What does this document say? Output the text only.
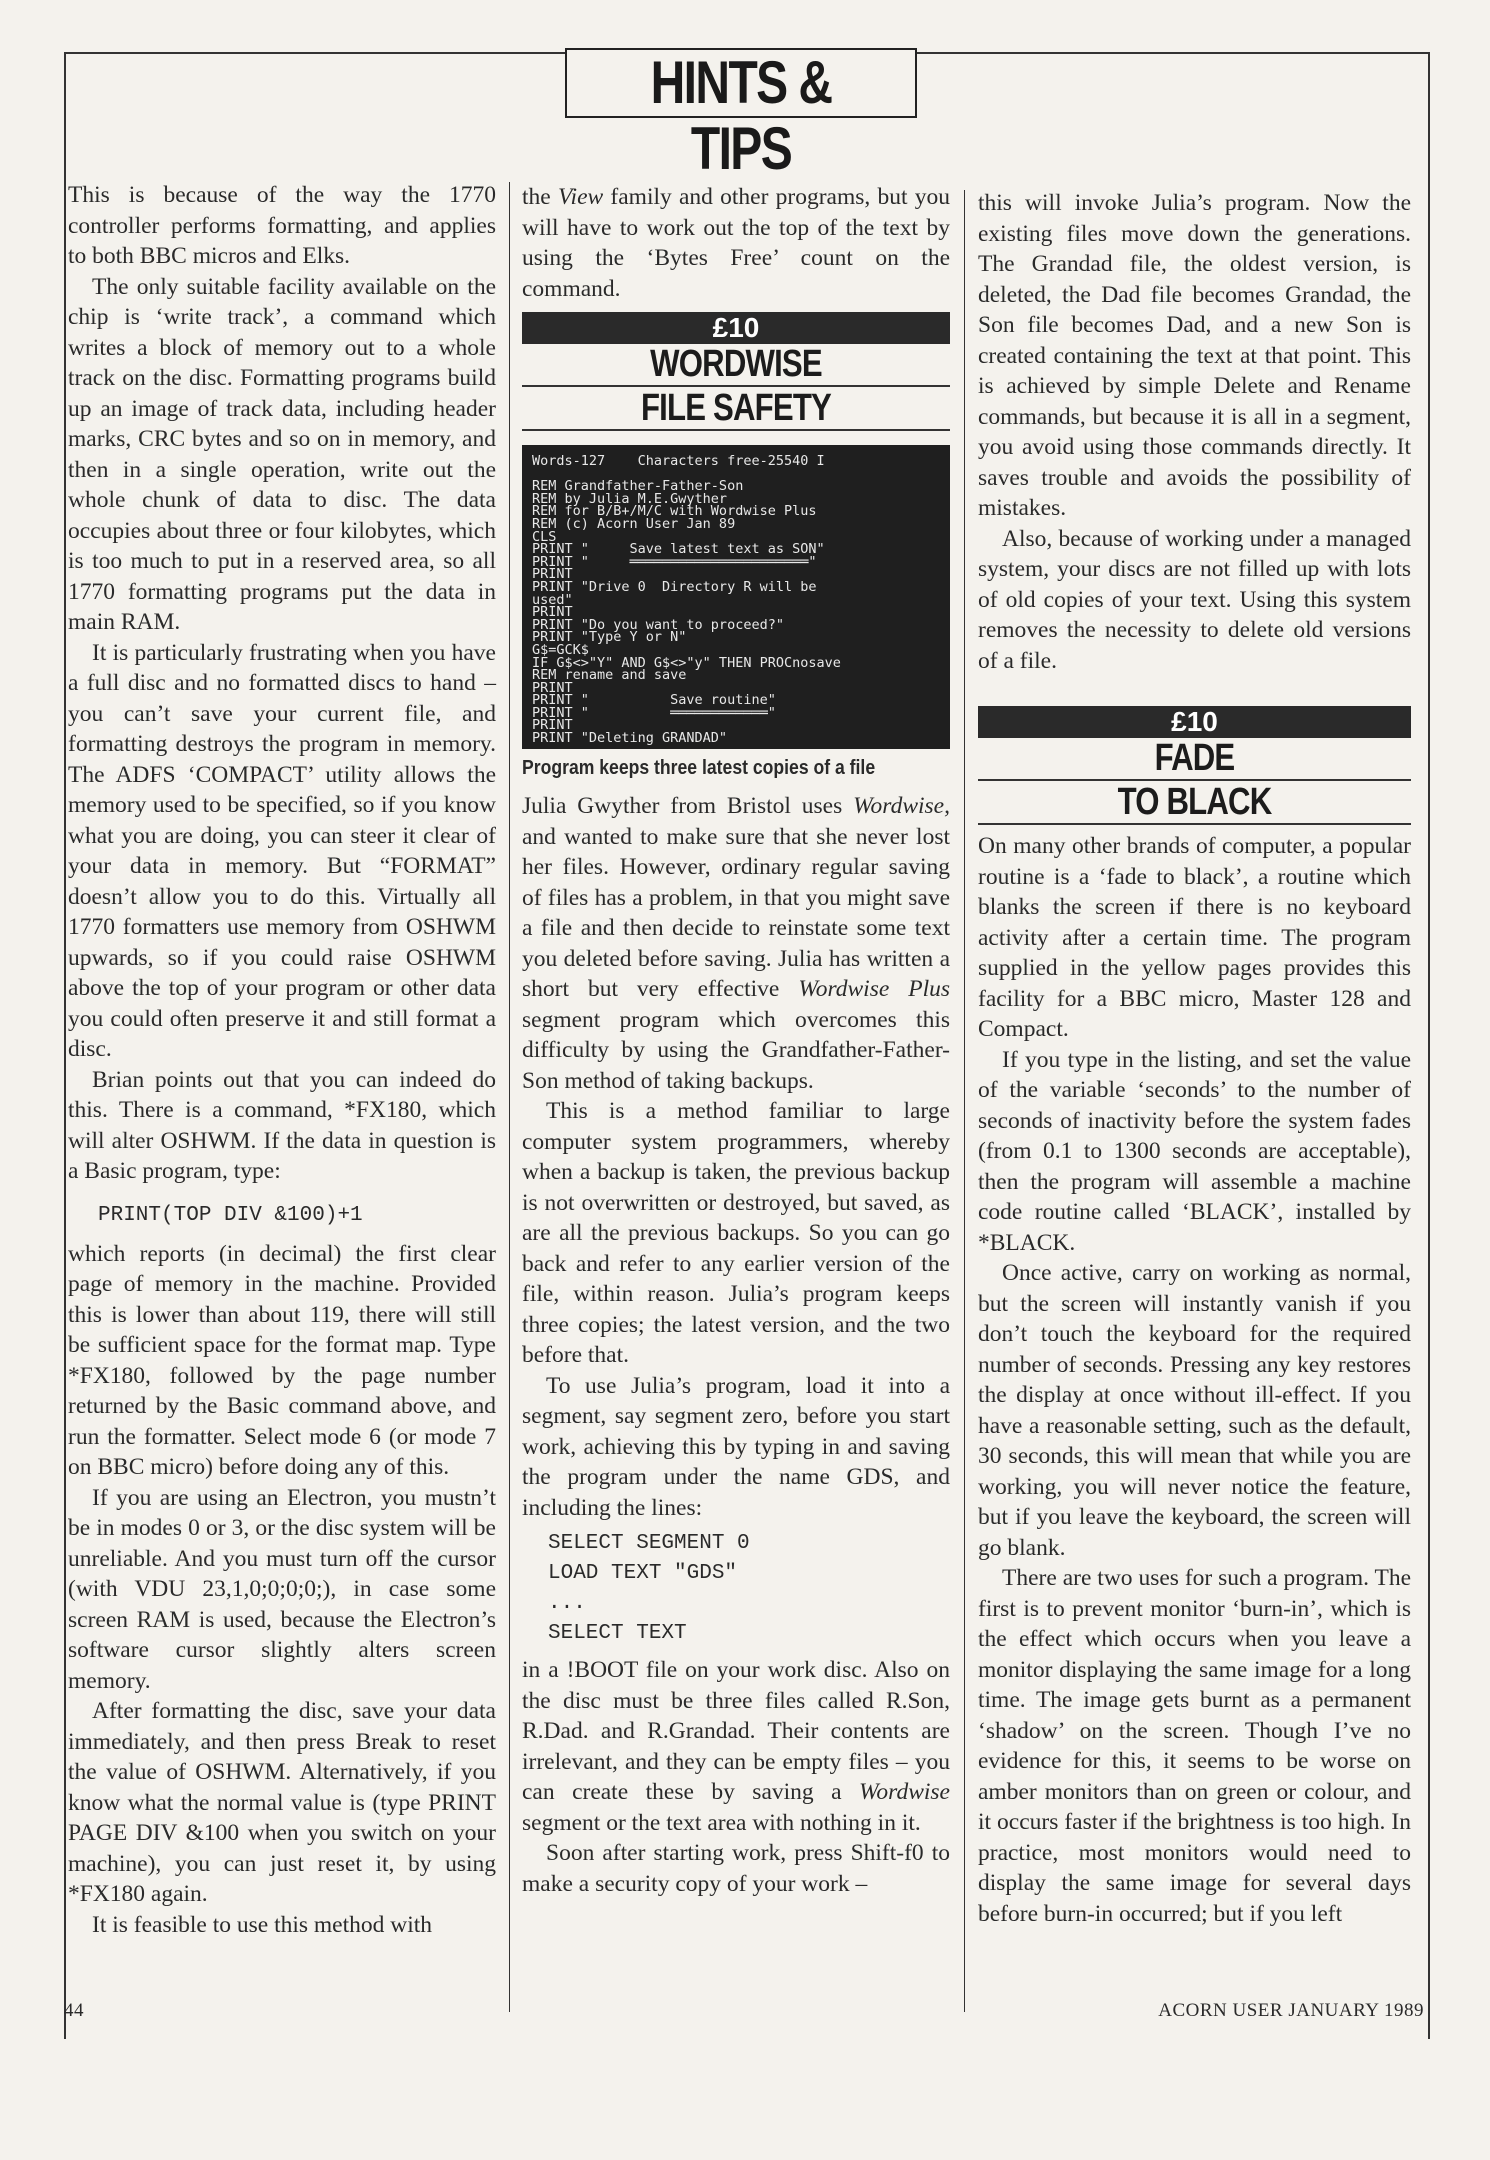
HINTS & TIPS

This is because of the way the 1770 controller performs formatting, and applies to both BBC micros and Elks.

The only suitable facility available on the chip is ‘write track’, a command which writes a block of memory out to a whole track on the disc. Formatting programs build up an image of track data, including header marks, CRC bytes and so on in memory, and then in a single operation, write out the whole chunk of data to disc. The data occupies about three or four kilobytes, which is too much to put in a reserved area, so all 1770 formatting programs put the data in main RAM.

It is particularly frustrating when you have a full disc and no formatted discs to hand – you can’t save your current file, and formatting destroys the program in memory. The ADFS ‘COMPACT’ utility allows the memory used to be specified, so if you know what you are doing, you can steer it clear of your data in memory. But “FORMAT” doesn’t allow you to do this. Virtually all 1770 formatters use memory from OSHWM upwards, so if you could raise OSHWM above the top of your program or other data you could often preserve it and still format a disc.

Brian points out that you can indeed do this. There is a command, *FX180, which will alter OSHWM. If the data in question is a Basic program, type:

PRINT(TOP DIV &100)+1

which reports (in decimal) the first clear page of memory in the machine. Provided this is lower than about 119, there will still be sufficient space for the format map. Type *FX180, followed by the page number returned by the Basic command above, and run the formatter. Select mode 6 (or mode 7 on BBC micro) before doing any of this.

If you are using an Electron, you mustn’t be in modes 0 or 3, or the disc system will be unreliable. And you must turn off the cursor (with VDU 23,1,0;0;0;0;), in case some screen RAM is used, because the Electron’s software cursor slightly alters screen memory.

After formatting the disc, save your data immediately, and then press Break to reset the value of OSHWM. Alternatively, if you know what the normal value is (type PRINT PAGE DIV &100 when you switch on your machine), you can just reset it, by using *FX180 again.

It is feasible to use this method with

the View family and other programs, but you will have to work out the top of the text by using the ‘Bytes Free’ count on the command.

£10
WORDWISE
FILE SAFETY
Words-127    Characters free-25540 I

REM Grandfather-Father-Son
REM by Julia M.E.Gwyther
REM for B/B+/M/C with Wordwise Plus
REM (c) Acorn User Jan 89
CLS
PRINT "     Save latest text as SON"
PRINT "     ══════════════════════"
PRINT
PRINT "Drive 0  Directory R will be
used"
PRINT
PRINT "Do you want to proceed?"
PRINT "Type Y or N"
G$=GCK$
IF G$<>"Y" AND G$<>"y" THEN PROCnosave
REM rename and save
PRINT
PRINT "          Save routine"
PRINT "          ════════════"
PRINT
PRINT "Deleting GRANDAD"
Program keeps three latest copies of a file

Julia Gwyther from Bristol uses Wordwise, and wanted to make sure that she never lost her files. However, ordinary regular saving of files has a problem, in that you might save a file and then decide to reinstate some text you deleted before saving. Julia has written a short but very effective Wordwise Plus segment program which overcomes this difficulty by using the Grandfather-Father-Son method of taking backups.

This is a method familiar to large computer system programmers, whereby when a backup is taken, the previous backup is not overwritten or destroyed, but saved, as are all the previous backups. So you can go back and refer to any earlier version of the file, within reason. Julia’s program keeps three copies; the latest version, and the two before that.

To use Julia’s program, load it into a segment, say segment zero, before you start work, achieving this by typing in and saving the program under the name GDS, and including the lines:

SELECT SEGMENT 0
LOAD TEXT "GDS"
...
SELECT TEXT

in a !BOOT file on your work disc. Also on the disc must be three files called R.Son, R.Dad. and R.Grandad. Their contents are irrelevant, and they can be empty files – you can create these by saving a Wordwise segment or the text area with nothing in it.

Soon after starting work, press Shift-f0 to make a security copy of your work –

this will invoke Julia’s program. Now the existing files move down the generations. The Grandad file, the oldest version, is deleted, the Dad file becomes Grandad, the Son file becomes Dad, and a new Son is created containing the text at that point. This is achieved by simple Delete and Rename commands, but because it is all in a segment, you avoid using those commands directly. It saves trouble and avoids the possibility of mistakes.

Also, because of working under a managed system, your discs are not filled up with lots of old copies of your text. Using this system removes the necessity to delete old versions of a file.

£10
FADE
TO BLACK

On many other brands of computer, a popular routine is a ‘fade to black’, a routine which blanks the screen if there is no keyboard activity after a certain time. The program supplied in the yellow pages provides this facility for a BBC micro, Master 128 and Compact.

If you type in the listing, and set the value of the variable ‘seconds’ to the number of seconds of inactivity before the system fades (from 0.1 to 1300 seconds are acceptable), then the program will assemble a machine code routine called ‘BLACK’, installed by *BLACK.

Once active, carry on working as normal, but the screen will instantly vanish if you don’t touch the keyboard for the required number of seconds. Pressing any key restores the display at once without ill-effect. If you have a reasonable setting, such as the default, 30 seconds, this will mean that while you are working, you will never notice the feature, but if you leave the keyboard, the screen will go blank.

There are two uses for such a program. The first is to prevent monitor ‘burn-in’, which is the effect which occurs when you leave a monitor displaying the same image for a long time. The image gets burnt as a permanent ‘shadow’ on the screen. Though I’ve no evidence for this, it seems to be worse on amber monitors than on green or colour, and it occurs faster if the brightness is too high. In practice, most monitors would need to display the same image for several days before burn-in occurred; but if you left

44	ACORN USER JANUARY 1989
